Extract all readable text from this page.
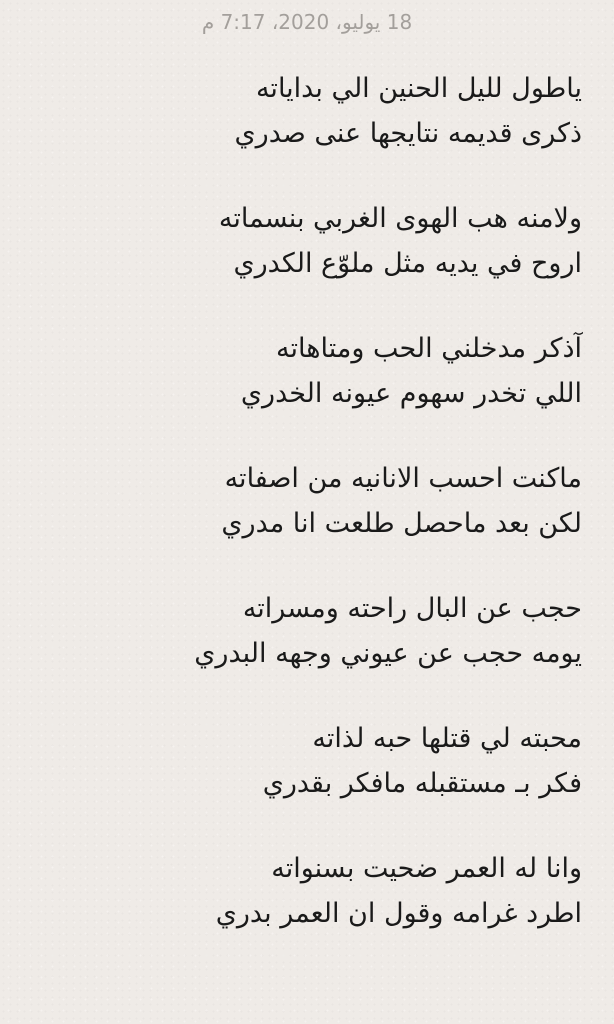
18 يوليو، 2020، 7:17 م
ياطول لليل الحنين الي بداياته
ذكرى قديمه نتايجها عنى صدري
ولامنه هب الهوى الغربي بنسماته
اروح في يديه مثل ملوّع الكدري
آذكر مدخلني الحب ومتاهاته
اللي تخدر سهوم عيونه الخدري
ماكنت احسب الانانيه من اصفاته
لكن بعد ماحصل طلعت انا مدري
حجب عن البال راحته ومسراته
يومه حجب عن عيوني وجهه البدري
محبته لي قتلها حبه لذاته
فكر بـ مستقبله مافكر بقدري
وانا له العمر ضحيت بسنواته
اطرد غرامه وقول ان العمر بدري
